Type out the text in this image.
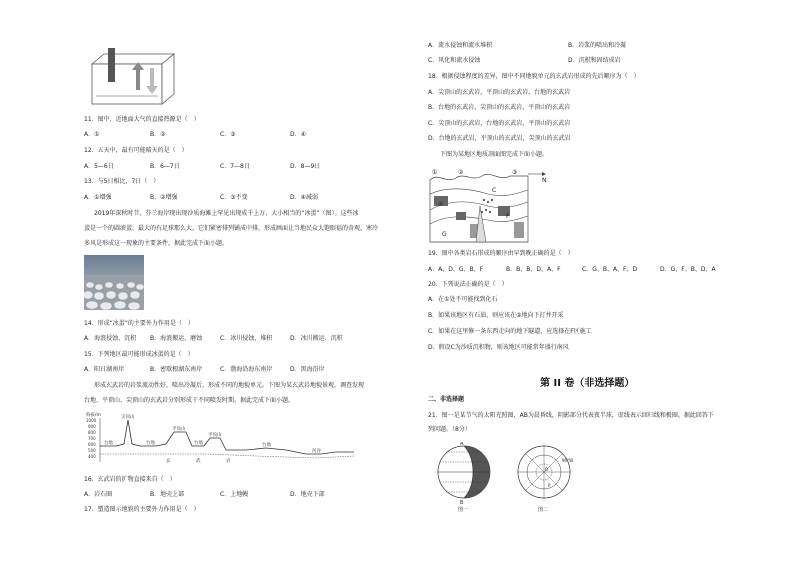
11．图中，近地面大气的直接热源是（　）
A．①	B．②	C．③	D．④
12．五天中，最有可能晴天的是（　）
A．5—6日	B．6—7日	C．7—8日	D．8—9日
13．与5日相比，7日（　）
A．①增强	B．②增强	C．③不变	D．④减弱
2019年深秋时节，芬兰海岸现出现沙质海滩上罕见出现成千上万、大小相当的“冰蛋”（图）。这些冰
蛋是一个的圆滚蛋，最大的有足球那么大。它们紧密排列铺成中排，形成画面让当地民众大饱眼福的奇观。寒冷
多风是形成这一现象的主要条件，据此完成下面小题。
14．形成“冰蛋”的主要外力作用是（　）
A．海浪侵蚀、沉积 B．海浪搬运、磨蚀	C．冰川侵蚀、堆积	D．冰川搬运、沉积
15．下列地区最可能形成冰蛋的是（　）
A．阳日湖南岸	B．密歇根湖东南岸	C．渤海沿海东南岸	D．黑海沿岸
形成玄武岩的岩浆流动性好，喷出冷凝后，形成不同的地貌单元。下图为某玄武岩地貌景观，调查发现
台地、平顶山、尖顶山的玄武岩分别形成于不同喷发时期。据此完成下面小题。
海拔/m
1000
900
800
700
600
500
400
尖顶山
平顶山
平顶山
台地	台地	台地	台地
河谷
玄	武	岩
16．玄武岩的扩物直接来自（　）
A．岩石圈	B．地壳上部	C．上地幔	D．地壳下部
17．塑造图示地貌的主要外力作用是（　）
A．流水侵蚀和流水堆积	B．岩浆的喷出和冷凝
C．风化和流水侵蚀	D．沉积和固结成岩
18．根据侵蚀程度的差异，图中不同地貌单元的玄武岩形成的先后顺序为（　）
A．尖顶山的玄武岩，平顶山的玄武岩，台地的玄武岩
B．台地的玄武岩，尖顶山的玄武岩，平顶山的玄武岩
C．尖顶山的玄武岩，台地的玄武岩，平顶山的玄武岩
D．台地的玄武岩，平顶山的玄武岩，尖顶山的玄武岩
下图为某地区地质剖面图完成下面小题。
①	②	③
④
C
F
G
N
19．图中各类岩石形成的顺序由早到晚正确的是（　）
A．A、D、G、B、F	B．B、B、D、A、F	C．G、B、A、F、D	D．G、F、B、D、A
20．下列说法正确的是（　）
A．在①处不可能找到化石
B．如果该地区有石油，则应该在②地向下打井开采
C．如果在这里修一条东西走向的地下隧道，应选择在F区施工
D．假设C为沙质沉积物，则该地区可能常年盛行南风
第 II 卷（非选择题）
二、非选择题
21．图一是某节气的太阳光照图，AB为晨昏线，阴影部分代表夜半球，虚线表示回归线和极圈。据此回答下
列问题。（8分）
A
B
图一
90°W
O
P
图二
